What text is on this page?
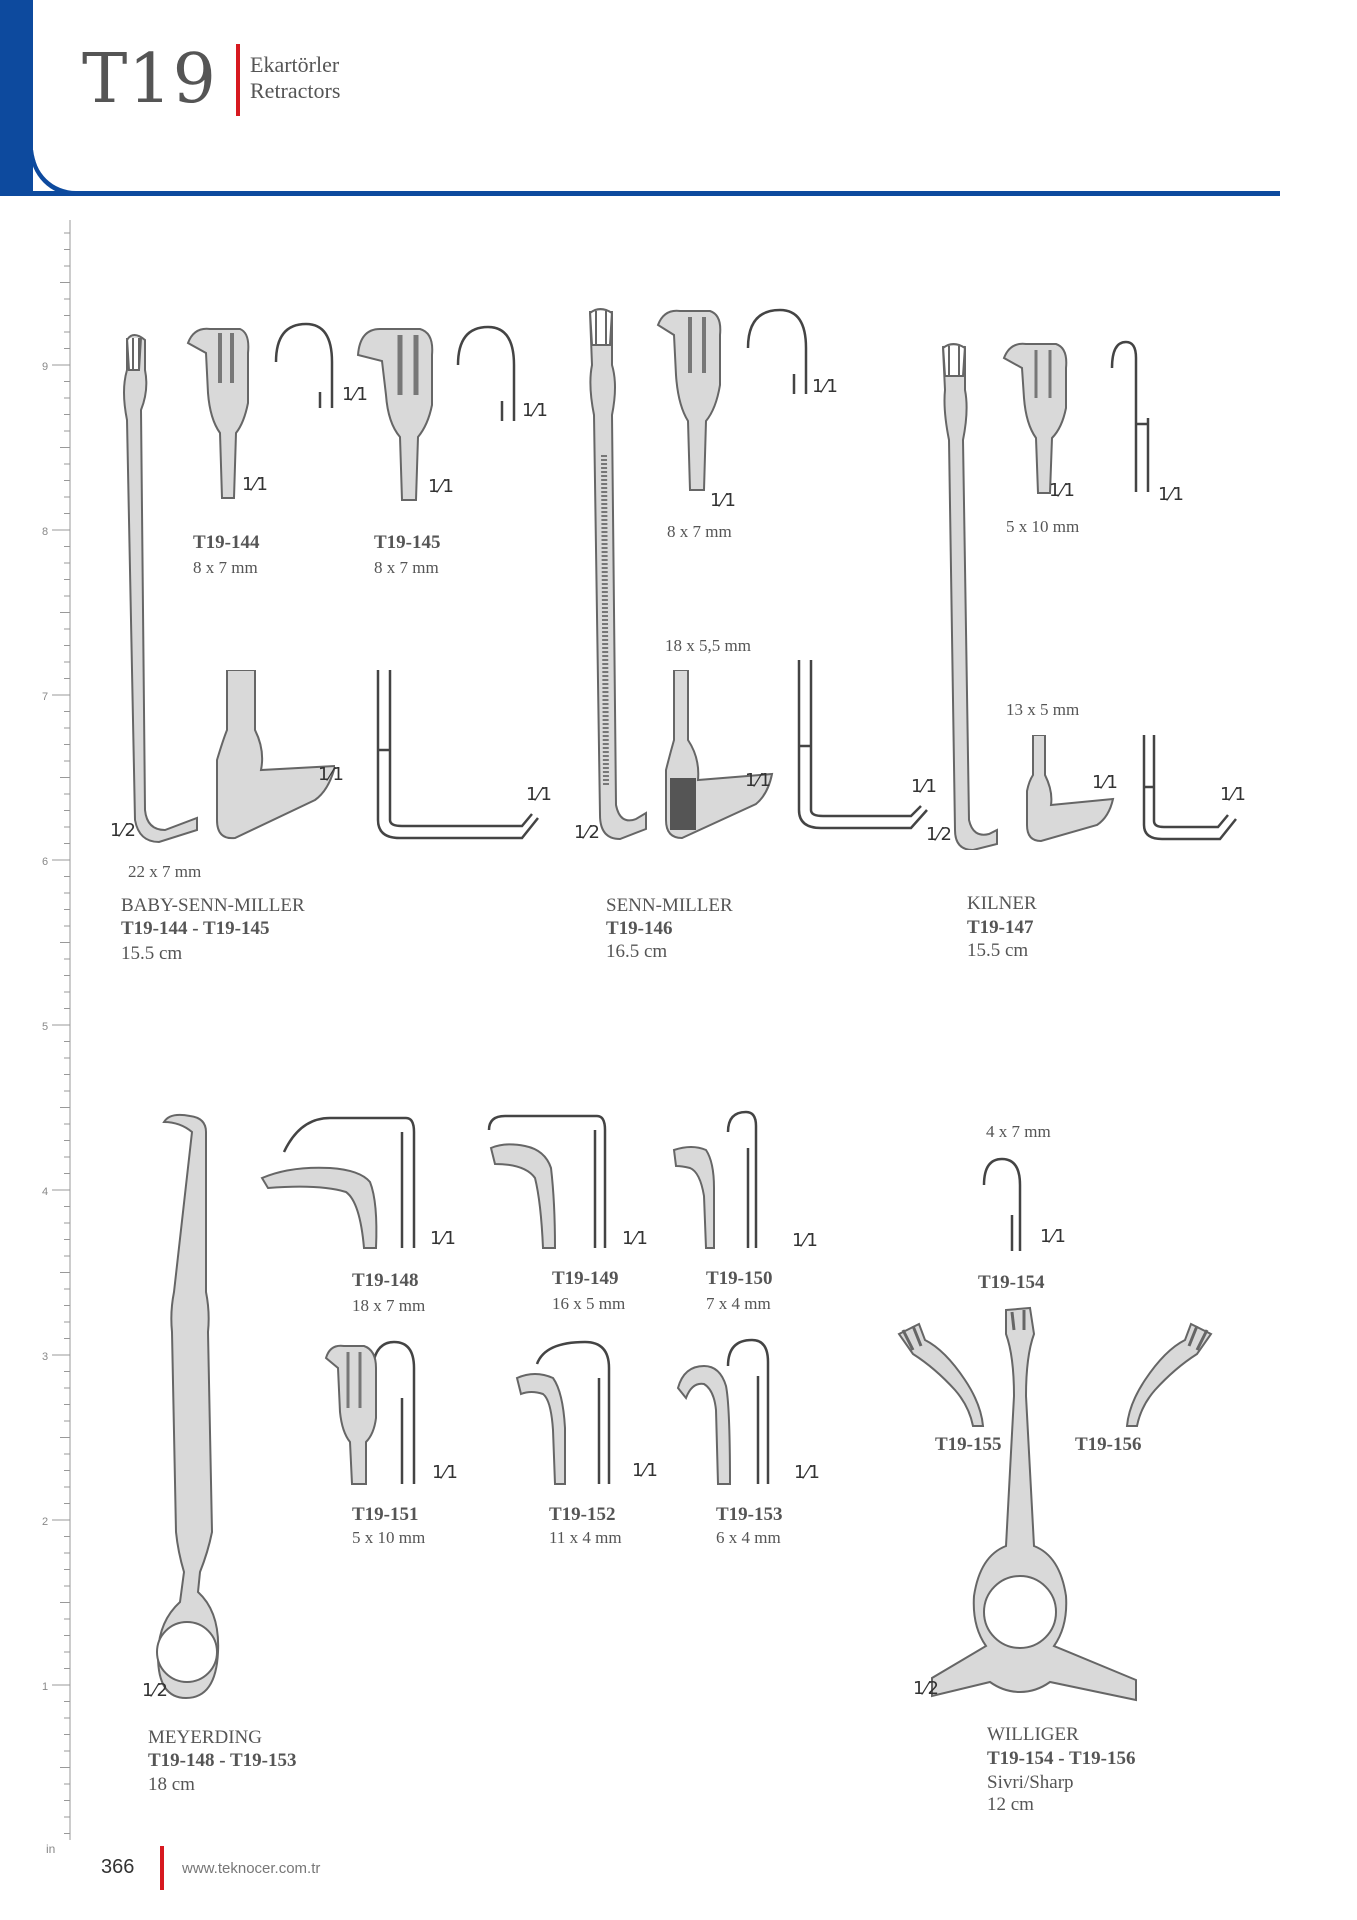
T19 Ekartörler
Retractors
9
8
7
6
5
4
3
2
1
in
1⁄1
1⁄1
T19-144
8 x 7 mm
1⁄1
1⁄1
T19-145
8 x 7 mm
1⁄1
1⁄1
1⁄2
22 x 7 mm
BABY-SENN-MILLER
T19-144 - T19-145
15.5 cm
1⁄1
1⁄1
8 x 7 mm
18 x 5,5 mm
1⁄1	1⁄1
1⁄2
SENN-MILLER
T19-146
16.5 cm
1⁄1	1⁄1
5 x 10 mm
13 x 5 mm
1⁄1
1⁄1
1⁄2
KILNER
T19-147
15.5 cm
1⁄2
MEYERDING
T19-148 - T19-153
18 cm
1⁄1
T19-148
18 x 7 mm
1⁄1
T19-149
16 x 5 mm
1⁄1
T19-150
7 x 4 mm
1⁄1
T19-151
5 x 10 mm
1⁄1
T19-152
11 x 4 mm
1⁄1
T19-153
6 x 4 mm
4 x 7 mm
1⁄1
T19-154
T19-155	T19-156
1⁄2
WILLIGER
T19-154 - T19-156
Sivri/Sharp
12 cm
366	www.teknocer.com.tr
